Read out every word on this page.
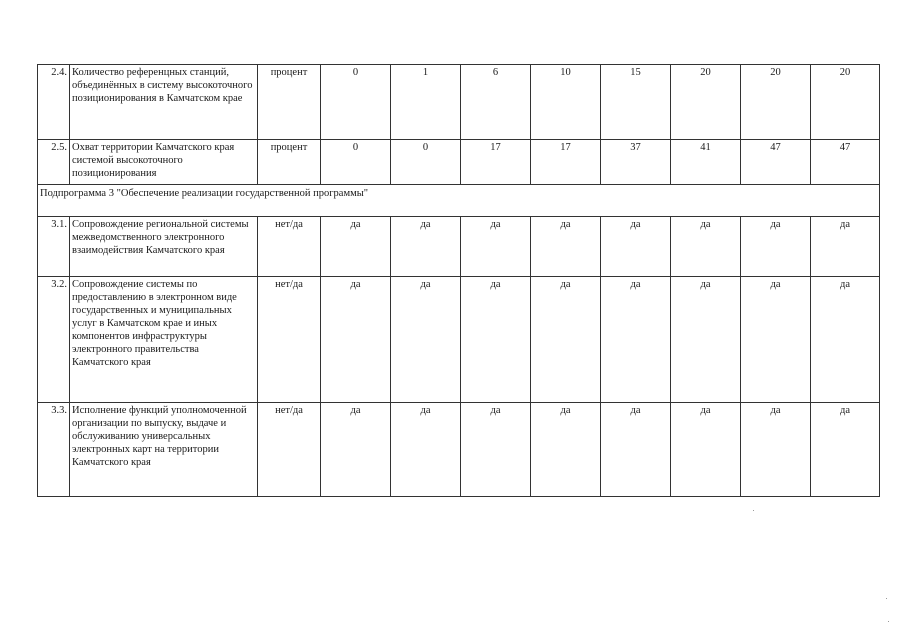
2.4.	Количество референцных станций, объединённых в систему высокоточного позиционирования в Камчатском крае	процент	0	1	6	10	15	20	20	20
2.5.	Охват территории Камчатского края системой высокоточного позиционирования	процент	0	0	17	17	37	41	47	47
Подпрограмма 3 "Обеспечение реализации государственной программы"										
3.1.	Сопровождение региональной системы межведомственного электронного взаимодействия Камчатского края	нет/да	да	да	да	да	да	да	да	да
3.2.	Сопровождение системы по предоставлению в электронном виде государственных и муниципальных услуг в Камчатском крае и иных компонентов инфраструктуры электронного правительства Камчатского края	нет/да	да	да	да	да	да	да	да	да
3.3.	Исполнение функций уполномоченной организации по выпуску, выдаче и обслуживанию универсальных электронных карт на территории Камчатского края	нет/да	да	да	да	да	да	да	да	да
